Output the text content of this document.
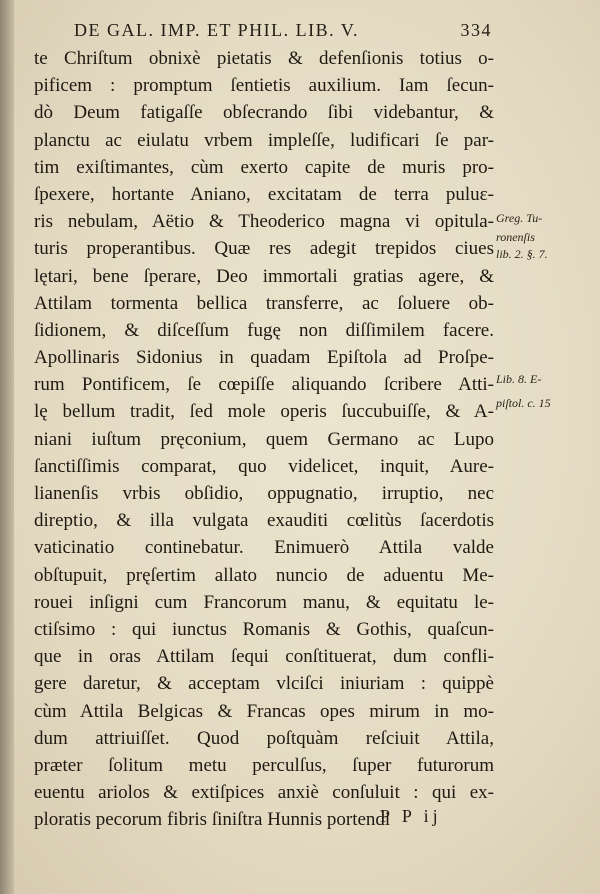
DE GAL. IMP. ET PHIL. LIB. V.	334
te Chriſtum obnixè pietatis & defenſionis totius o-
pificem : promptum ſentietis auxilium. Iam ſecun-
dò Deum fatigaſſe obſecrando ſibi videbantur, &
planctu ac eiulatu vrbem impleſſe, ludificari ſe par-
tim exiſtimantes, cùm exerto capite de muris pro-
ſpexere, hortante Aniano, excitatam de terra puluε-
ris nebulam, Aëtio & Theoderico magna vi opitula-
turis properantibus. Quæ res adegit trepidos ciues
lętari, bene ſperare, Deo immortali gratias agere, &
Attilam tormenta bellica transferre, ac ſoluere ob-
ſidionem, & diſceſſum fugę non diſſimilem facere.
Apollinaris Sidonius in quadam Epiſtola ad Proſpe-
rum Pontificem, ſe cœpiſſe aliquando ſcribere Atti-
lę bellum tradit, ſed mole operis ſuccubuiſſe, & A-
niani iuſtum pręconium, quem Germano ac Lupo
ſanctiſſimis comparat, quo videlicet, inquit, Aure-
lianenſis vrbis obſidio, oppugnatio, irruptio, nec
direptio, & illa vulgata exauditi cœlitùs ſacerdotis
vaticinatio continebatur. Enimuerò Attila valde
obſtupuit, pręſertim allato nuncio de aduentu Me-
rouei inſigni cum Francorum manu, & equitatu le-
ctiſsimo : qui iunctus Romanis & Gothis, quaſcun-
que in oras Attilam ſequi conſtituerat, dum confli-
gere daretur, & acceptam vlciſci iniuriam : quippè
cùm Attila Belgicas & Francas opes mirum in mo-
dum attriuiſſet. Quod poſtquàm reſciuit Attila,
præter ſolitum metu perculſus, ſuper futurorum
euentu ariolos & extiſpices anxiè conſuluit : qui ex-
ploratis pecorum fibris ſiniſtra Hunnis portendi
Greg. Tu-
ronenſis
lib. 2. §. 7.
Lib. 8. E-
piſtol. c. 15
P P ij
